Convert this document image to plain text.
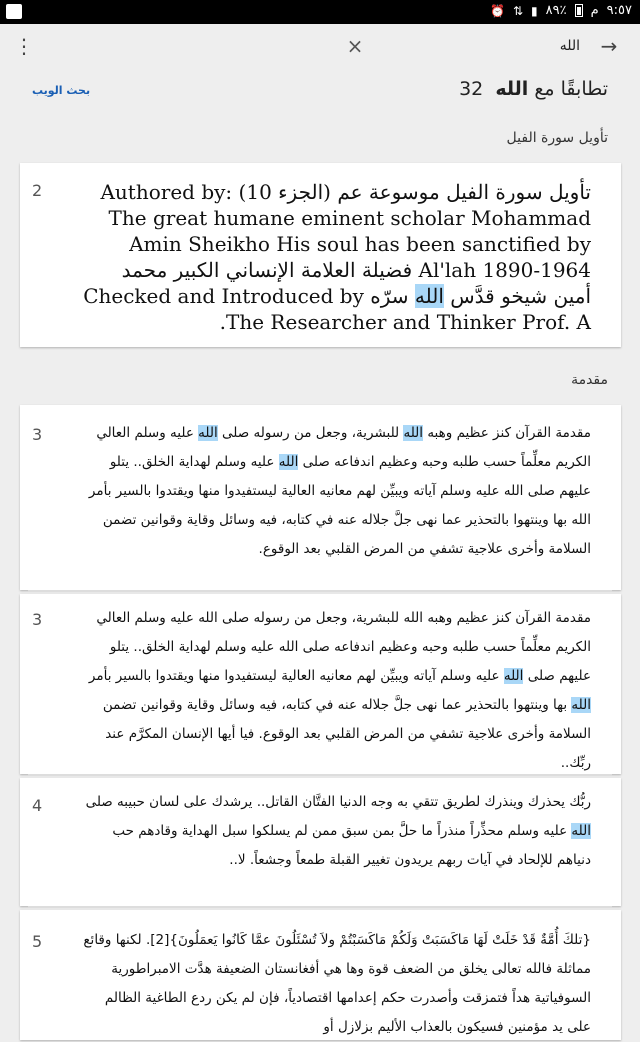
⏰ ⇅ ▮ ٨٩٪ م ٩:٥٧
⋮	×
الله	→
بحث الويب	32	تطابقًا مع الله
تأويل سورة الفيل
2	تأويل سورة الفيل موسوعة عم (الجزء 10) Authored by: The great humane eminent scholar Mohammad Amin Sheikho His soul has been sanctified by Al'lah 1890-1964 فضيلة العلامة الإنساني الكبير محمد أمين شيخو قدَّس الله سرّه Checked and Introduced by The Researcher and Thinker Prof. A.
مقدمة
3	مقدمة القرآن كنز عظيم وهبه الله للبشرية، وجعل من رسوله صلى الله عليه وسلم العالي الكريم معلِّماً حسب طلبه وحبه وعظيم اندفاعه صلى الله عليه وسلم لهداية الخلق.. يتلو عليهم صلى الله عليه وسلم آياته ويبيِّن لهم معانيه العالية ليستفيدوا منها ويقتدوا بالسير بأمر الله بها وينتهوا بالتحذير عما نهى جلَّ جلاله عنه في كتابه، فيه وسائل وقاية وقوانين تضمن السلامة وأخرى علاجية تشفي من المرض القلبي بعد الوقوع.
3	مقدمة القرآن كنز عظيم وهبه الله للبشرية، وجعل من رسوله صلى الله عليه وسلم العالي الكريم معلِّماً حسب طلبه وحبه وعظيم اندفاعه صلى الله عليه وسلم لهداية الخلق.. يتلو عليهم صلى الله عليه وسلم آياته ويبيِّن لهم معانيه العالية ليستفيدوا منها ويقتدوا بالسير بأمر الله بها وينتهوا بالتحذير عما نهى جلَّ جلاله عنه في كتابه، فيه وسائل وقاية وقوانين تضمن السلامة وأخرى علاجية تشفي من المرض القلبي بعد الوقوع. فيا أيها الإنسان المكرَّم عند ربِّك..
4	ربُّك يحذرك وينذرك لطريق تتقي به وجه الدنيا الفتَّان القاتل.. يرشدك على لسان حبيبه صلى الله عليه وسلم محذِّراً منذراً ما حلَّ بمن سبق ممن لم يسلكوا سبل الهداية وقادهم حب دنياهم للإلحاد في آيات ربهم يريدون تغيير القبلة طمعاً وجشعاً. لا..
5	{تلكَ أُمَّةٌ قَدْ خَلَتْ لَهَا مَاكَسَبَتْ وَلَكُمْ مَاكَسَبْتُمْ ولاَ تُسْئَلُونَ عمَّا كَانُوا يَعمَلُونَ}[2]. لكنها وقائع مماثلة فالله تعالى يخلق من الضعف قوة وها هي أفغانستان الضعيفة هدَّت الامبراطورية السوفياتية هداً فتمزقت وأصدرت حكم إعدامها اقتصادياً، فإن لم يكن ردع الطاغية الظالم على يد مؤمنين فسيكون بالعذاب الأليم بزلازل أو
